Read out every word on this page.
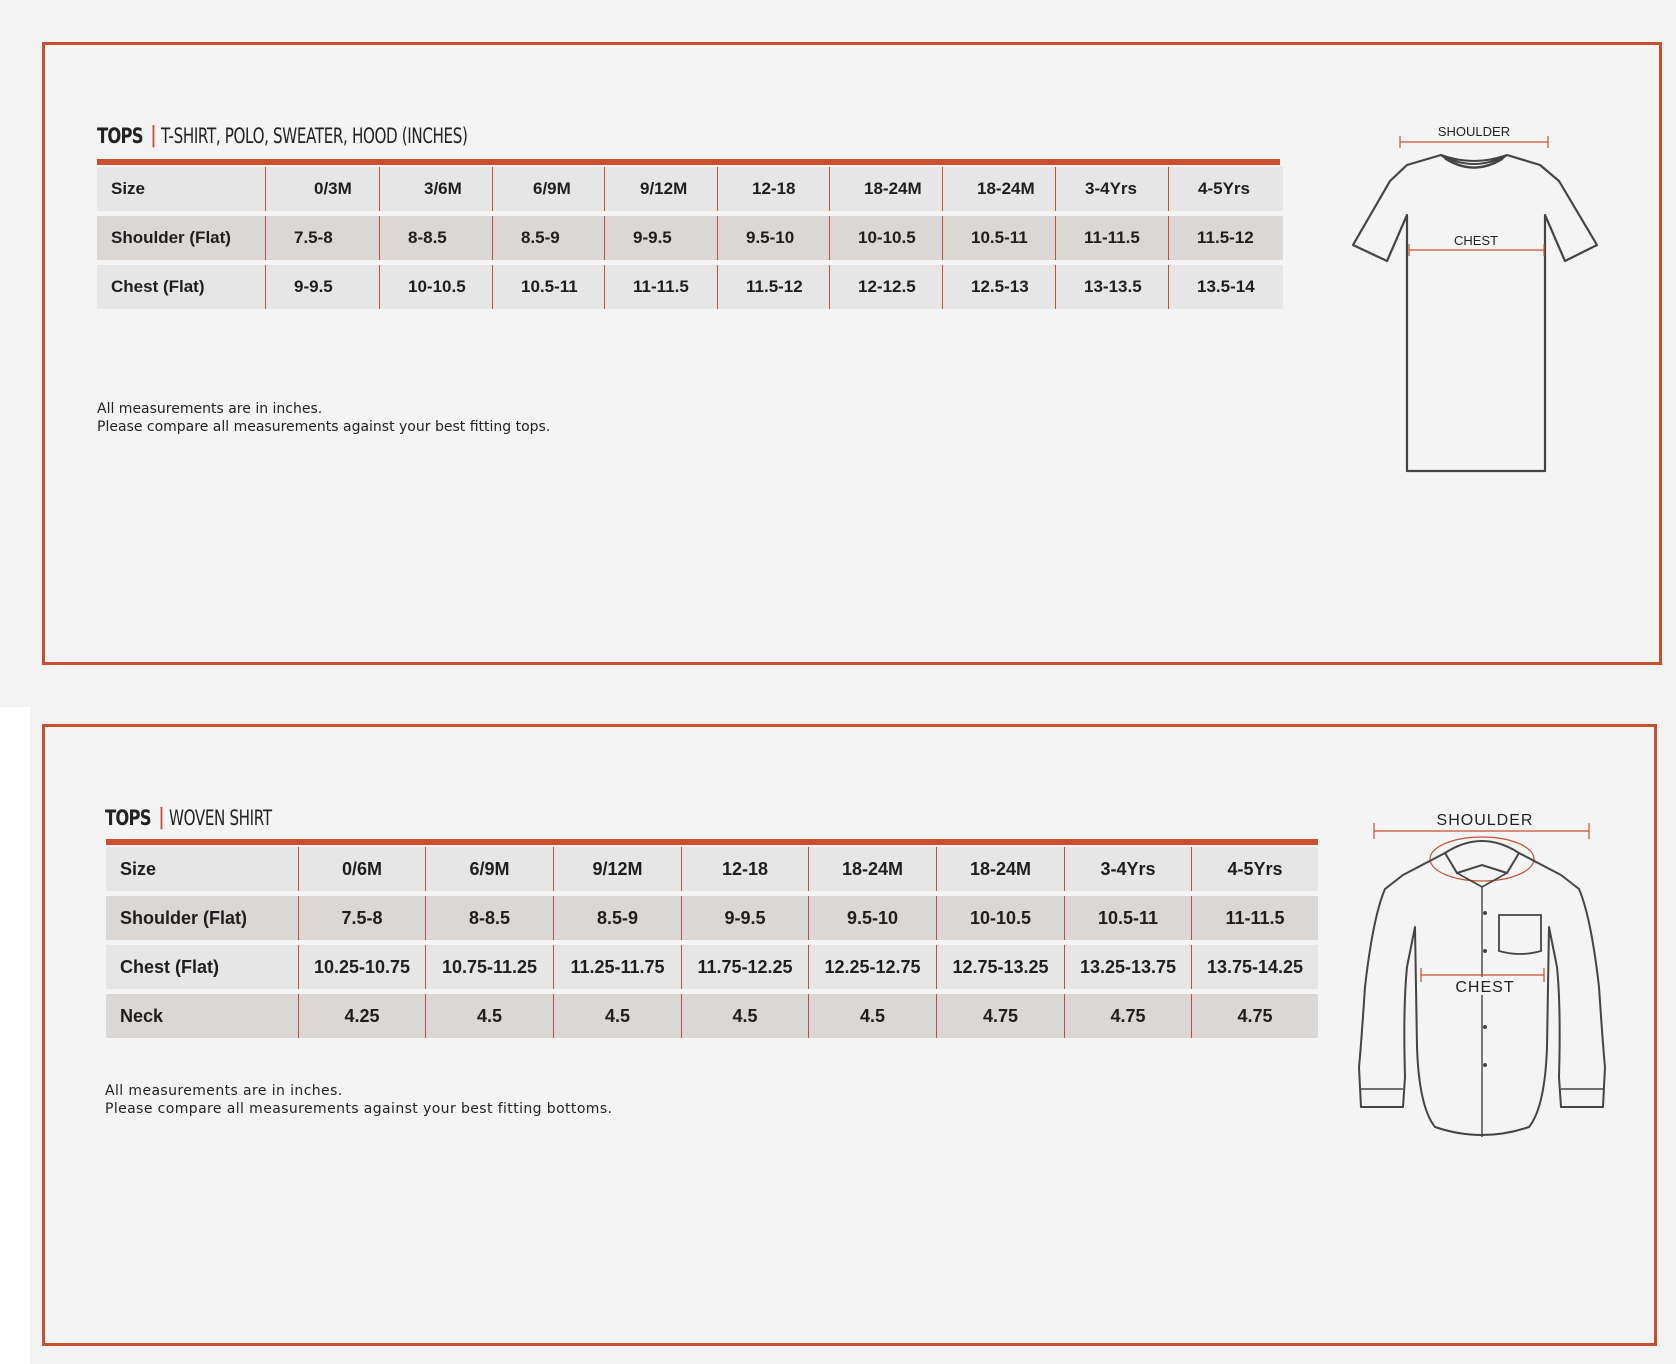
TOPS | T-SHIRT, POLO, SWEATER, HOOD (INCHES)
Size	0/3M	3/6M	6/9M	9/12M	12-18	18-24M	18-24M	3-4Yrs	4-5Yrs
Shoulder (Flat)	7.5-8	8-8.5	8.5-9	9-9.5	9.5-10	10-10.5	10.5-11	11-11.5	11.5-12
Chest (Flat)	9-9.5	10-10.5	10.5-11	11-11.5	11.5-12	12-12.5	12.5-13	13-13.5	13.5-14
All measurements are in inches.
Please compare all measurements against your best fitting tops.
SHOULDER
CHEST
TOPS | WOVEN SHIRT
Size	0/6M	6/9M	9/12M	12-18	18-24M	18-24M	3-4Yrs	4-5Yrs
Shoulder (Flat)	7.5-8	8-8.5	8.5-9	9-9.5	9.5-10	10-10.5	10.5-11	11-11.5
Chest (Flat)	10.25-10.75	10.75-11.25	11.25-11.75	11.75-12.25	12.25-12.75	12.75-13.25	13.25-13.75	13.75-14.25
Neck	4.25	4.5	4.5	4.5	4.5	4.75	4.75	4.75
All measurements are in inches.
Please compare all measurements against your best fitting bottoms.
SHOULDER
CHEST
